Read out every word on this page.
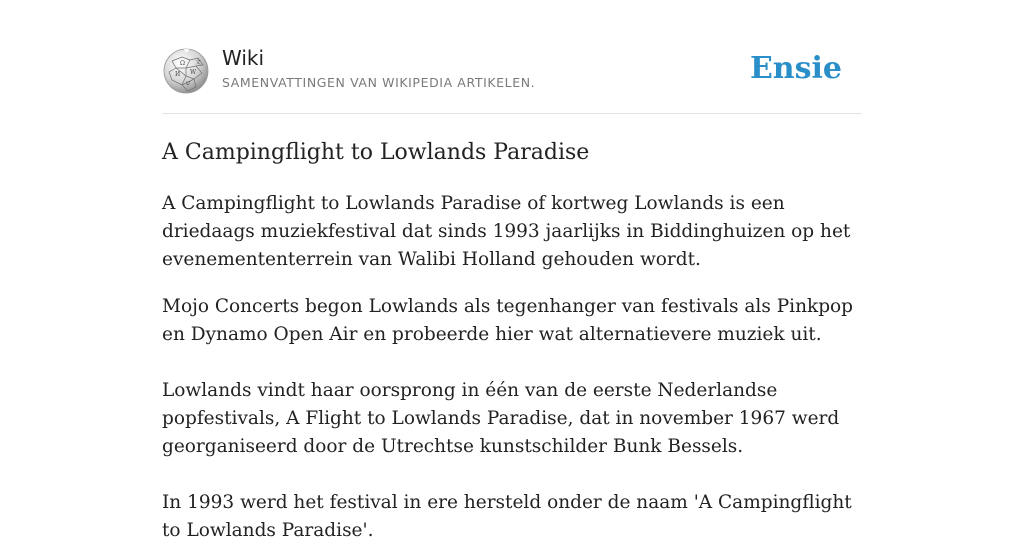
Ω
W
И
ש
文 Wiki
SAMENVATTINGEN VAN WIKIPEDIA ARTIKELEN.	Ensie
A Campingflight to Lowlands Paradise

A Campingflight to Lowlands Paradise of kortweg Lowlands is een driedaags muziekfestival dat sinds 1993 jaarlijks in Biddinghuizen op het evenemententerrein van Walibi Holland gehouden wordt.

Mojo Concerts begon Lowlands als tegenhanger van festivals als Pinkpop en Dynamo Open Air en probeerde hier wat alternatievere muziek uit.

Lowlands vindt haar oorsprong in één van de eerste Nederlandse popfestivals, A Flight to Lowlands Paradise, dat in november 1967 werd georganiseerd door de Utrechtse kunstschilder Bunk Bessels.

In 1993 werd het festival in ere hersteld onder de naam 'A Campingflight to Lowlands Paradise'.
